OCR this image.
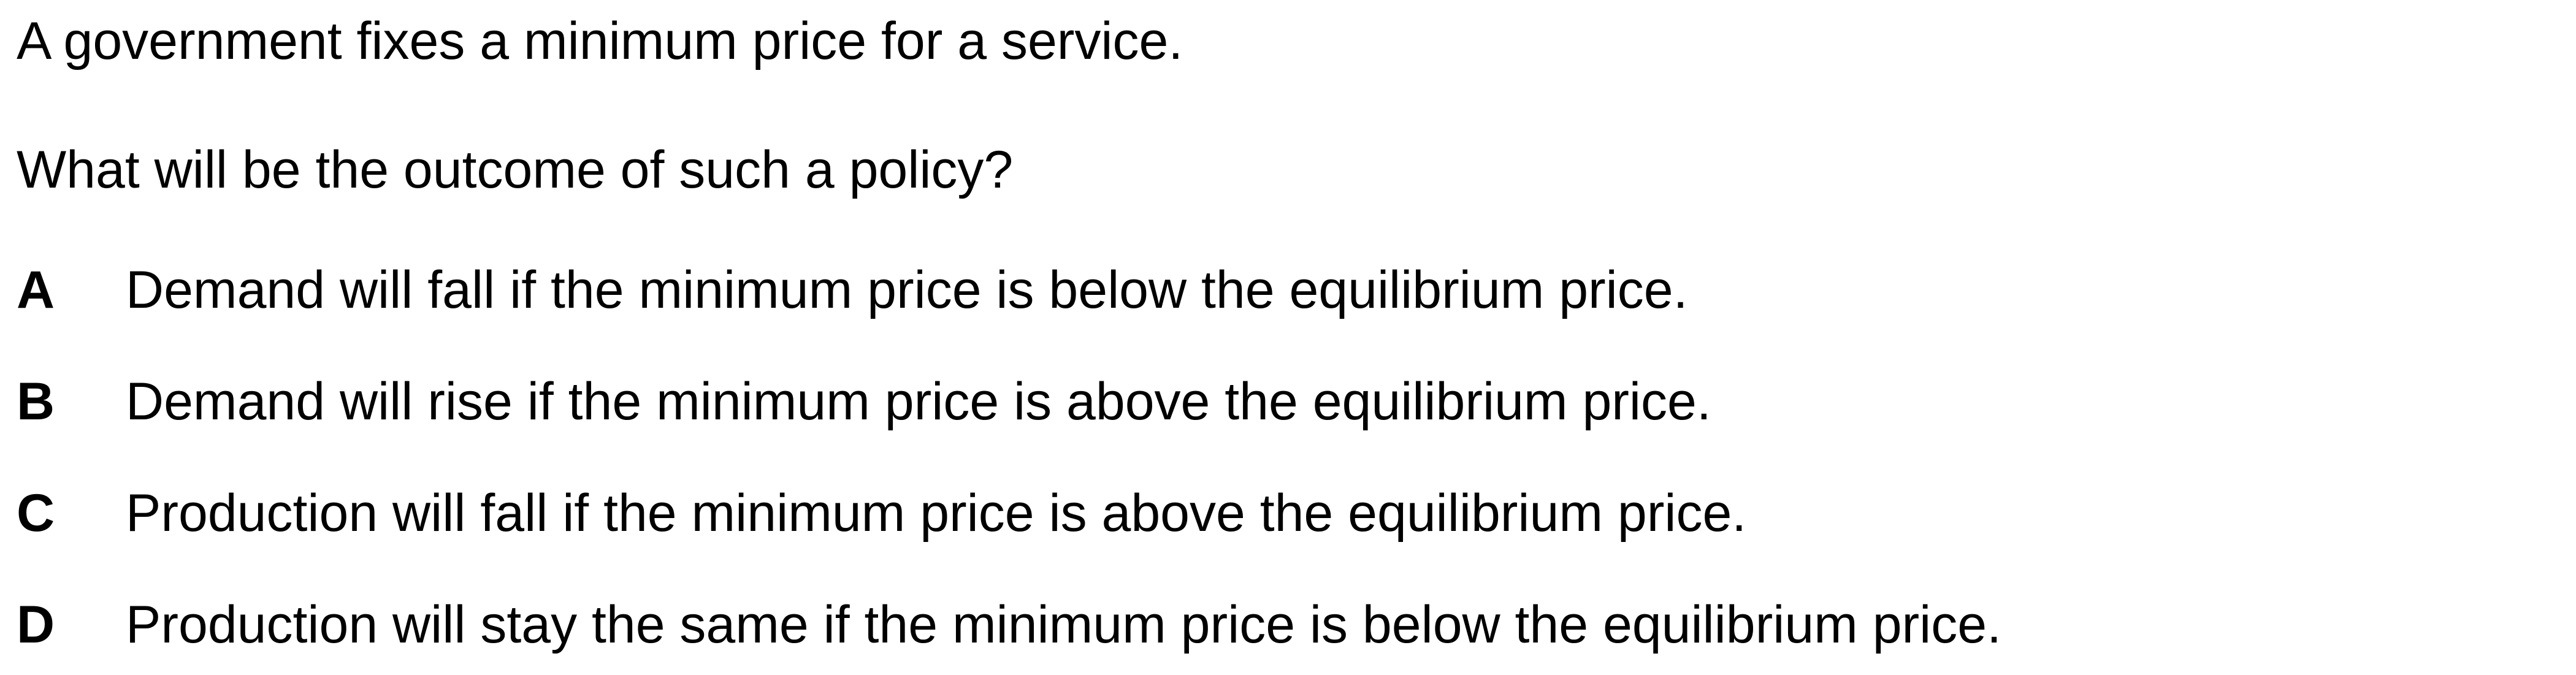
A government fixes a minimum price for a service.
What will be the outcome of such a policy?
A Demand will fall if the minimum price is below the equilibrium price.
B Demand will rise if the minimum price is above the equilibrium price.
C Production will fall if the minimum price is above the equilibrium price.
D Production will stay the same if the minimum price is below the equilibrium price.
